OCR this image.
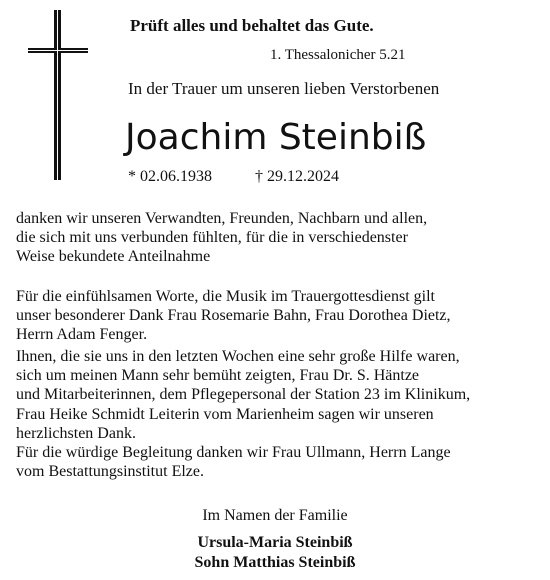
Prüft alles und behaltet das Gute.
1. Thessalonicher 5.21
In der Trauer um unseren lieben Verstorbenen
Joachim Steinbiß
* 02.06.1938	† 29.12.2024
danken wir unseren Verwandten, Freunden, Nachbarn und allen,
die sich mit uns verbunden fühlten, für die in verschiedenster
Weise bekundete Anteilnahme
Für die einfühlsamen Worte, die Musik im Trauergottesdienst gilt
unser besonderer Dank Frau Rosemarie Bahn, Frau Dorothea Dietz,
Herrn Adam Fenger.
Ihnen, die sie uns in den letzten Wochen eine sehr große Hilfe waren,
sich um meinen Mann sehr bemüht zeigten, Frau Dr. S. Häntze
und Mitarbeiterinnen, dem Pflegepersonal der Station 23 im Klinikum,
Frau Heike Schmidt Leiterin vom Marienheim sagen wir unseren
herzlichsten Dank.
Für die würdige Begleitung danken wir Frau Ullmann, Herrn Lange
vom Bestattungsinstitut Elze.
Im Namen der Familie
Ursula-Maria Steinbiß
Sohn Matthias Steinbiß
